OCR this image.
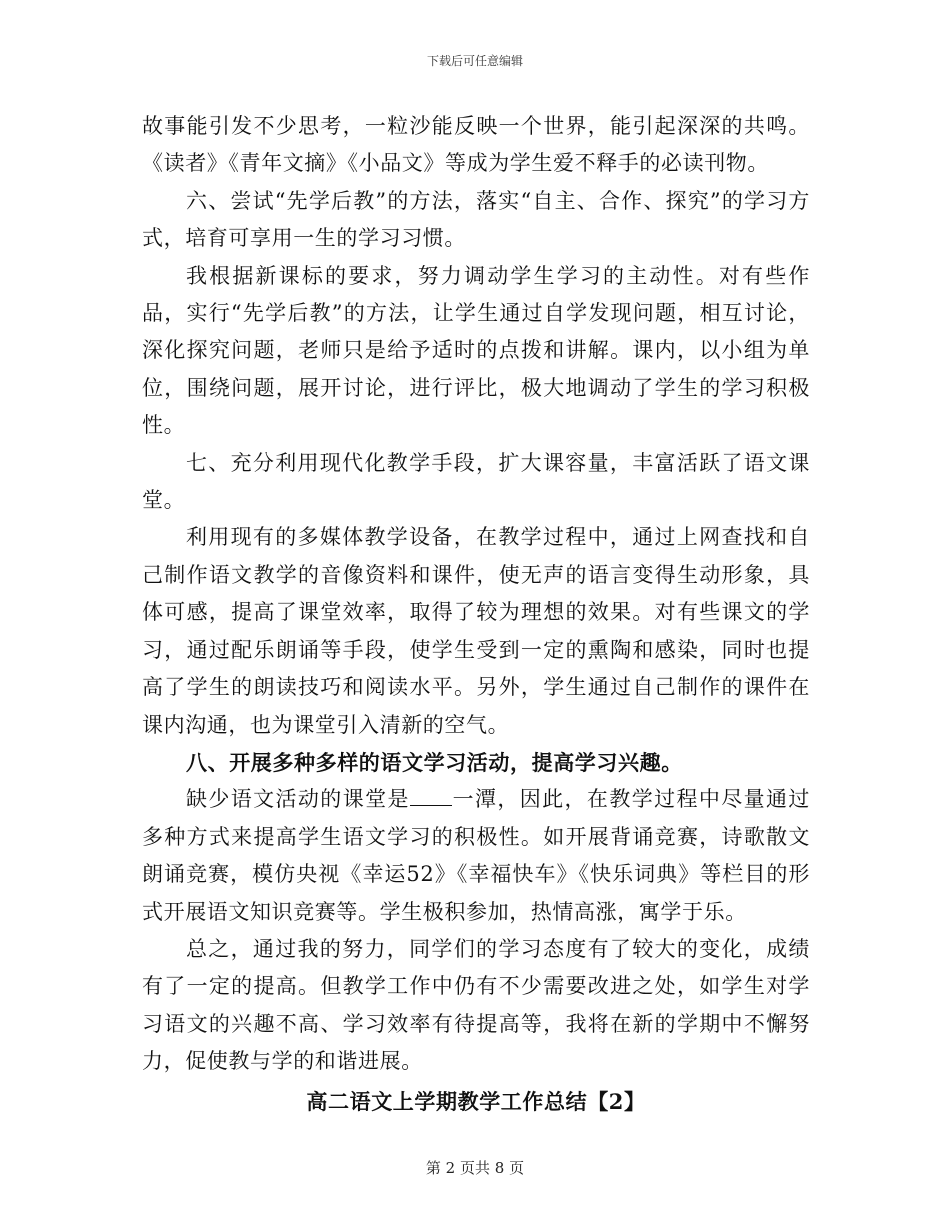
下载后可任意编辑

故事能引发不少思考，一粒沙能反映一个世界，能引起深深的共鸣。《读者》《青年文摘》《小品文》等成为学生爱不释手的必读刊物。

六、尝试“先学后教”的方法，落实“自主、合作、探究”的学习方式，培育可享用一生的学习习惯。

我根据新课标的要求，努力调动学生学习的主动性。对有些作品，实行“先学后教”的方法，让学生通过自学发现问题，相互讨论，深化探究问题，老师只是给予适时的点拨和讲解。课内，以小组为单位，围绕问题，展开讨论，进行评比，极大地调动了学生的学习积极性。

七、充分利用现代化教学手段，扩大课容量，丰富活跃了语文课堂。

利用现有的多媒体教学设备，在教学过程中，通过上网查找和自己制作语文教学的音像资料和课件，使无声的语言变得生动形象，具体可感，提高了课堂效率，取得了较为理想的效果。对有些课文的学习，通过配乐朗诵等手段，使学生受到一定的熏陶和感染，同时也提高了学生的朗读技巧和阅读水平。另外，学生通过自己制作的课件在课内沟通，也为课堂引入清新的空气。

八、开展多种多样的语文学习活动，提高学习兴趣。

缺少语文活动的课堂是 一潭，因此，在教学过程中尽量通过多种方式来提高学生语文学习的积极性。如开展背诵竞赛，诗歌散文朗诵竞赛，模仿央视《幸运52》《幸福快车》《快乐词典》等栏目的形式开展语文知识竞赛等。学生极积参加，热情高涨，寓学于乐。

总之，通过我的努力，同学们的学习态度有了较大的变化，成绩有了一定的提高。但教学工作中仍有不少需要改进之处，如学生对学习语文的兴趣不高、学习效率有待提高等，我将在新的学期中不懈努力，促使教与学的和谐进展。

高二语文上学期教学工作总结【2】

第 2 页共 8 页
